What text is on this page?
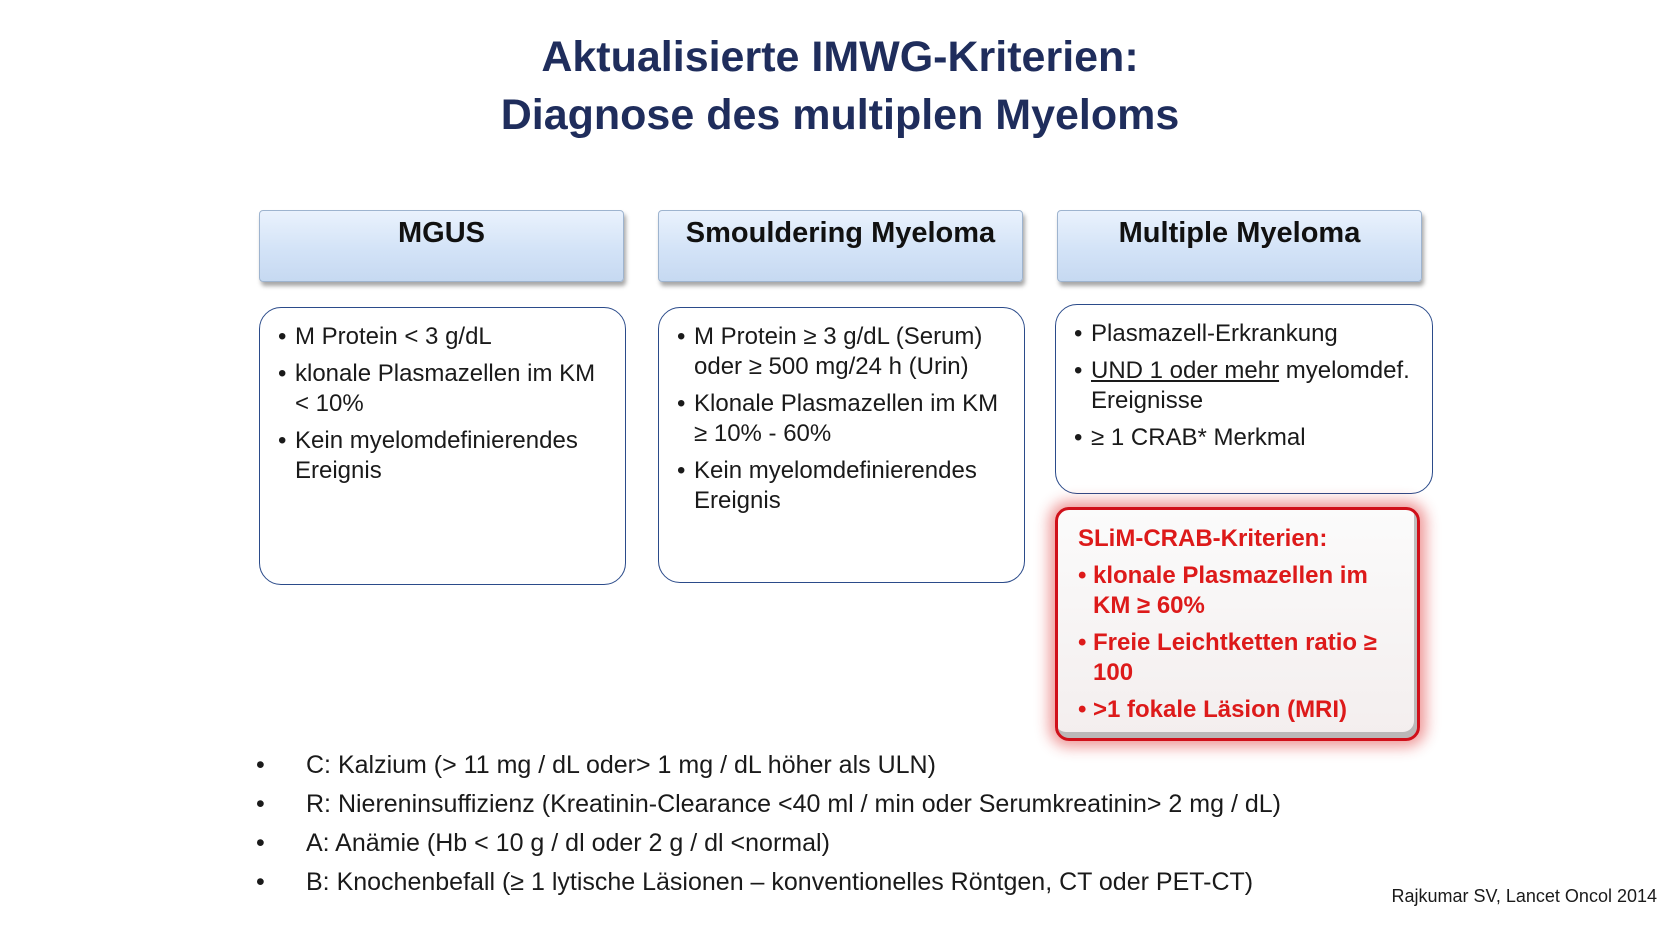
Aktualisierte IMWG-Kriterien:
Diagnose des multiplen Myeloms
MGUS
• M Protein < 3 g/dL
• klonale Plasmazellen im KM < 10%
• Kein myelomdefinierendes Ereignis
Smouldering Myeloma
• M Protein ≥ 3 g/dL (Serum) oder ≥ 500 mg/24 h (Urin)
• Klonale Plasmazellen im KM ≥ 10% - 60%
• Kein myelomdefinierendes Ereignis
Multiple Myeloma
• Plasmazell-Erkrankung
• UND 1 oder mehr myelomdef. Ereignisse
• ≥ 1 CRAB* Merkmal
SLiM-CRAB-Kriterien:
• klonale Plasmazellen im KM ≥ 60%
• Freie Leichtketten ratio ≥ 100
• >1 fokale Läsion (MRI)
• C: Kalzium (> 11 mg / dL oder> 1 mg / dL höher als ULN)
• R: Niereninsuffizienz (Kreatinin-Clearance <40 ml / min oder Serumkreatinin> 2 mg / dL)
• A: Anämie (Hb < 10 g / dl oder 2 g / dl <normal)
• B: Knochenbefall (≥ 1 lytische Läsionen – konventionelles Röntgen, CT oder PET-CT)	Rajkumar SV, Lancet Oncol 2014
